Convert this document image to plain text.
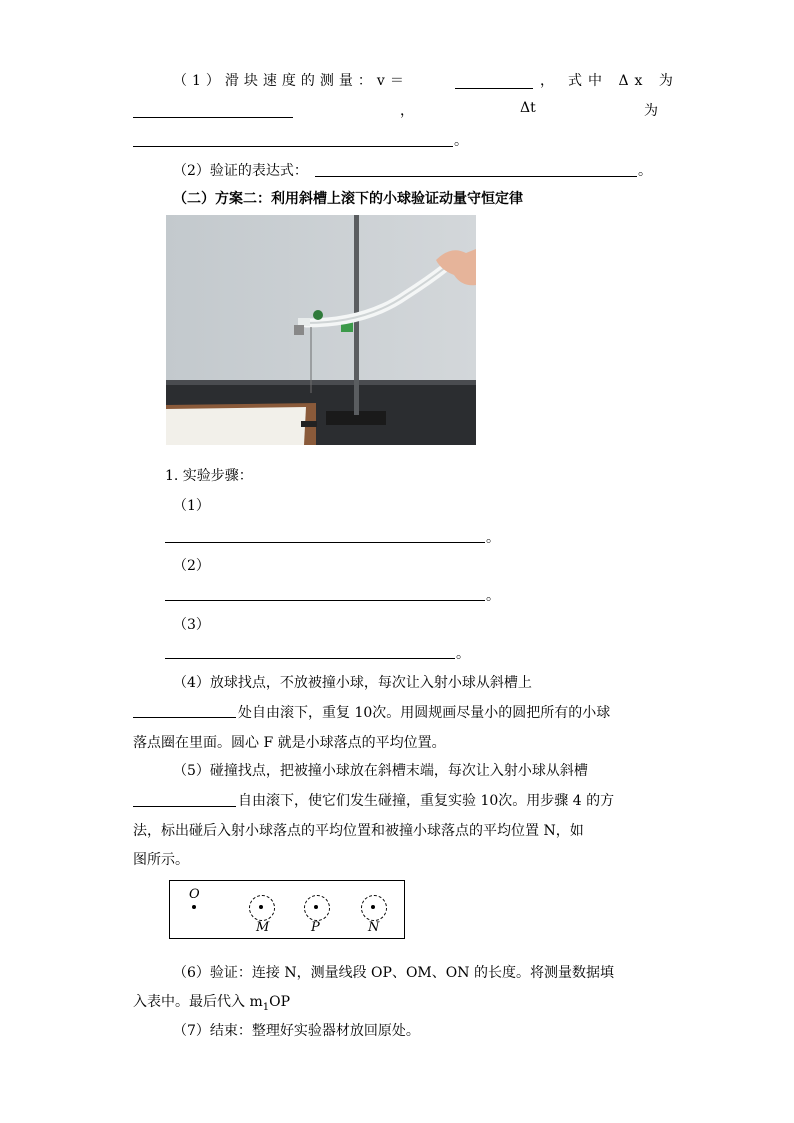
（1）滑块速度的测量：v＝	， 式中 Δx 为
，	Δt	为
。
（2）验证的表达式：	。
（二）方案二：利用斜槽上滚下的小球验证动量守恒定律
1. 实验步骤：
（1）
。
（2）
。
（3）
。
（4）放球找点，不放被撞小球，每次让入射小球从斜槽上
处自由滚下，重复 10次。用圆规画尽量小的圆把所有的小球
落点圈在里面。圆心 F 就是小球落点的平均位置。
（5）碰撞找点，把被撞小球放在斜槽末端，每次让入射小球从斜槽
自由滚下，使它们发生碰撞，重复实验 10次。用步骤 4 的方
法，标出碰后入射小球落点的平均位置和被撞小球落点的平均位置 N，如
图所示。
O
M	P	N
（6）验证：连接 N，测量线段 OP、OM、ON 的长度。将测量数据填
入表中。最后代入 $m_1OP$
（7）结束：整理好实验器材放回原处。
